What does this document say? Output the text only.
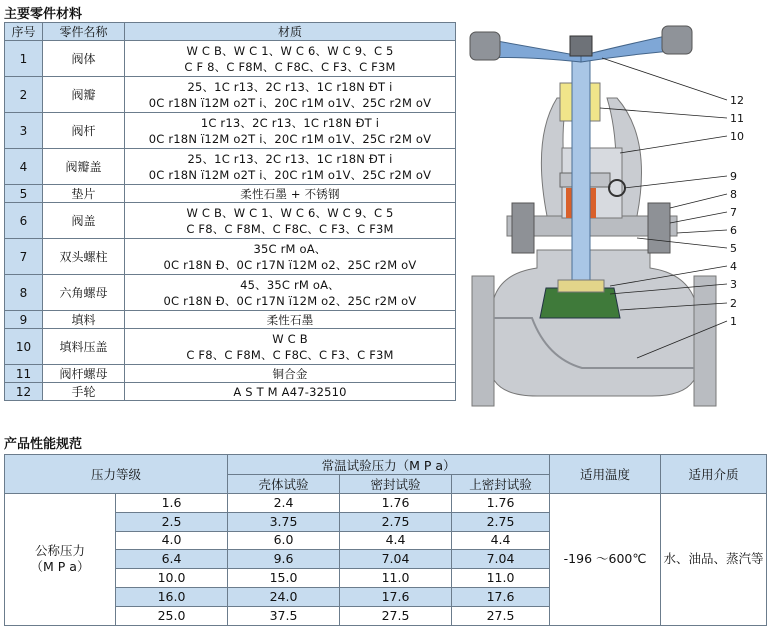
主要零件材料
序号	零件名称	材质
1	阀体	W C B、W C 1、W C 6、W C 9、C 5
C F 8、C F8M、C F8C、C F3、C F3M

2	阀瓣	25、1C r13、2C r13、1C r18N ÐT i
0C r18N ï12M o2T i、20C r1M o1V、25C r2M oV

3	阀杆	1C r13、2C r13、1C r18N ÐT i
0C r18N ï12M o2T i、20C r1M o1V、25C r2M oV

4	阀瓣盖	25、1C r13、2C r13、1C r18N ÐT i
0C r18N ï12M o2T i、20C r1M o1V、25C r2M oV

5	垫片	柔性石墨 + 不锈钢

6	阀盖	W C B、W C 1、W C 6、W C 9、C 5
C F8、C F8M、C F8C、C F3、C F3M

7	双头螺柱	35C rM oA、
0C r18N Ð、0C r17N ï12M o2、25C r2M oV

8	六角螺母	45、35C rM oA、
0C r18N Ð、0C r17N ï12M o2、25C r2M oV

9	填料	柔性石墨

10	填料压盖	W C B
C F8、C F8M、C F8C、C F3、C F3M

11	阀杆螺母	铜合金

12	手轮	A S T M A47-32510
12
11
10
9
8
7
6
5
4
3
2
1
产品性能规范
压力等级		常温试验压力（M P a）			适用温度	适用介质
		壳体试验	密封试验	上密封试验		

公称压力
（M P a）	1.6	2.4	1.76	1.76	-196 ～600℃	水、油品、蒸汽等
	2.5	3.75	2.75	2.75		
	4.0	6.0	4.4	4.4		
	6.4	9.6	7.04	7.04		
	10.0	15.0	11.0	11.0		
	16.0	24.0	17.6	17.6		
	25.0	37.5	27.5	27.5		
